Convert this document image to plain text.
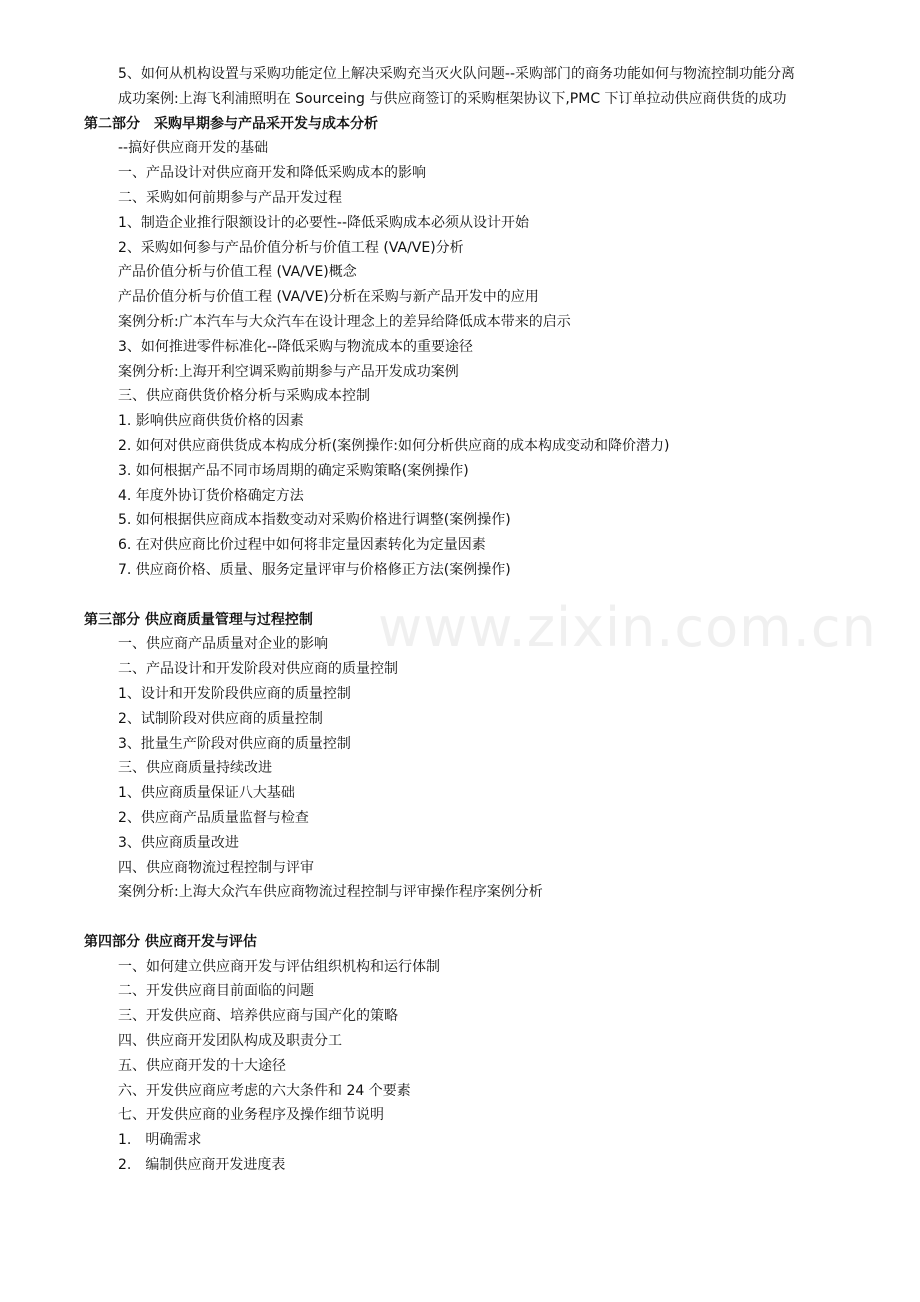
5、如何从机构设置与采购功能定位上解决采购充当灭火队问题--采购部门的商务功能如何与物流控制功能分离
成功案例:上海飞利浦照明在 Sourceing 与供应商签订的采购框架协议下,PMC 下订单拉动供应商供货的成功
第二部分　采购早期参与产品采开发与成本分析
--搞好供应商开发的基础
一、产品设计对供应商开发和降低采购成本的影响
二、采购如何前期参与产品开发过程
1、制造企业推行限额设计的必要性--降低采购成本必须从设计开始
2、采购如何参与产品价值分析与价值工程 (VA/VE)分析
产品价值分析与价值工程 (VA/VE)概念
产品价值分析与价值工程 (VA/VE)分析在采购与新产品开发中的应用
案例分析:广本汽车与大众汽车在设计理念上的差异给降低成本带来的启示
3、如何推进零件标准化--降低采购与物流成本的重要途径
案例分析:上海开利空调采购前期参与产品开发成功案例
三、供应商供货价格分析与采购成本控制
1. 影响供应商供货价格的因素
2. 如何对供应商供货成本构成分析(案例操作:如何分析供应商的成本构成变动和降价潜力)
3. 如何根据产品不同市场周期的确定采购策略(案例操作)
4. 年度外协订货价格确定方法
5. 如何根据供应商成本指数变动对采购价格进行调整(案例操作)
6. 在对供应商比价过程中如何将非定量因素转化为定量因素
7. 供应商价格、质量、服务定量评审与价格修正方法(案例操作)
第三部分 供应商质量管理与过程控制
一、供应商产品质量对企业的影响
二、产品设计和开发阶段对供应商的质量控制
1、设计和开发阶段供应商的质量控制
2、试制阶段对供应商的质量控制
3、批量生产阶段对供应商的质量控制
三、供应商质量持续改进
1、供应商质量保证八大基础
2、供应商产品质量监督与检查
3、供应商质量改进
四、供应商物流过程控制与评审
案例分析:上海大众汽车供应商物流过程控制与评审操作程序案例分析
第四部分 供应商开发与评估
一、如何建立供应商开发与评估组织机构和运行体制
二、开发供应商目前面临的问题
三、开发供应商、培养供应商与国产化的策略
四、供应商开发团队构成及职责分工
五、供应商开发的十大途径
六、开发供应商应考虑的六大条件和 24 个要素
七、开发供应商的业务程序及操作细节说明
1.　明确需求
2.　编制供应商开发进度表
www.zixin.com.cn
